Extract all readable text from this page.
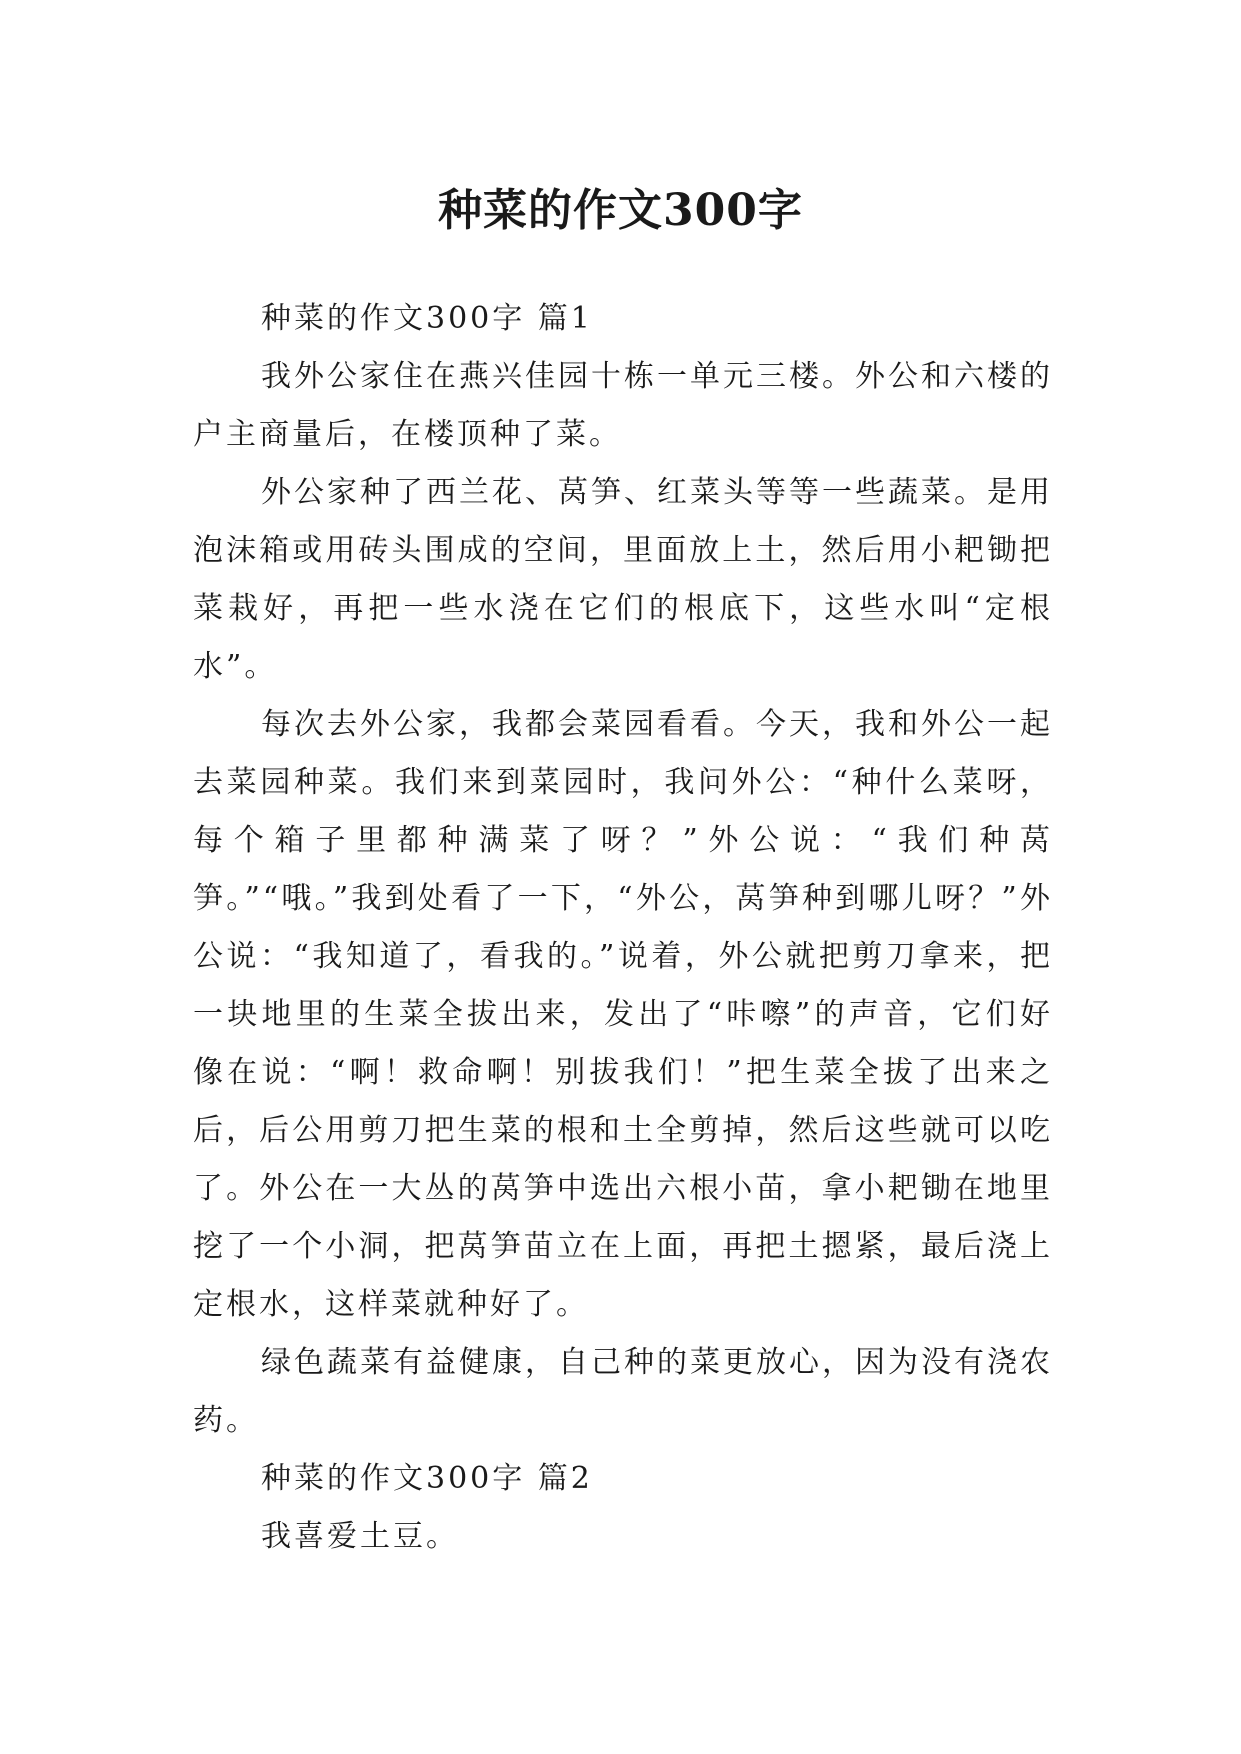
种菜的作文300字

种菜的作文300字 篇1

我外公家住在燕兴佳园十栋一单元三楼。外公和六楼的户主商量后，在楼顶种了菜。

外公家种了西兰花、莴笋、红菜头等等一些蔬菜。是用泡沫箱或用砖头围成的空间，里面放上土，然后用小耙锄把菜栽好，再把一些水浇在它们的根底下，这些水叫“定根水”。

每次去外公家，我都会菜园看看。今天，我和外公一起去菜园种菜。我们来到菜园时，我问外公：“种什么菜呀，每个箱子里都种满菜了呀？”外公说：“我们种莴笋。”“哦。”我到处看了一下，“外公，莴笋种到哪儿呀？”外公说：“我知道了，看我的。”说着，外公就把剪刀拿来，把一块地里的生菜全拔出来，发出了“咔嚓”的声音，它们好像在说：“啊！救命啊！别拔我们！”把生菜全拔了出来之后，后公用剪刀把生菜的根和土全剪掉，然后这些就可以吃了。外公在一大丛的莴笋中选出六根小苗，拿小耙锄在地里挖了一个小洞，把莴笋苗立在上面，再把土摁紧，最后浇上定根水，这样菜就种好了。

绿色蔬菜有益健康，自己种的菜更放心，因为没有浇农药。

种菜的作文300字 篇2

我喜爱土豆。
